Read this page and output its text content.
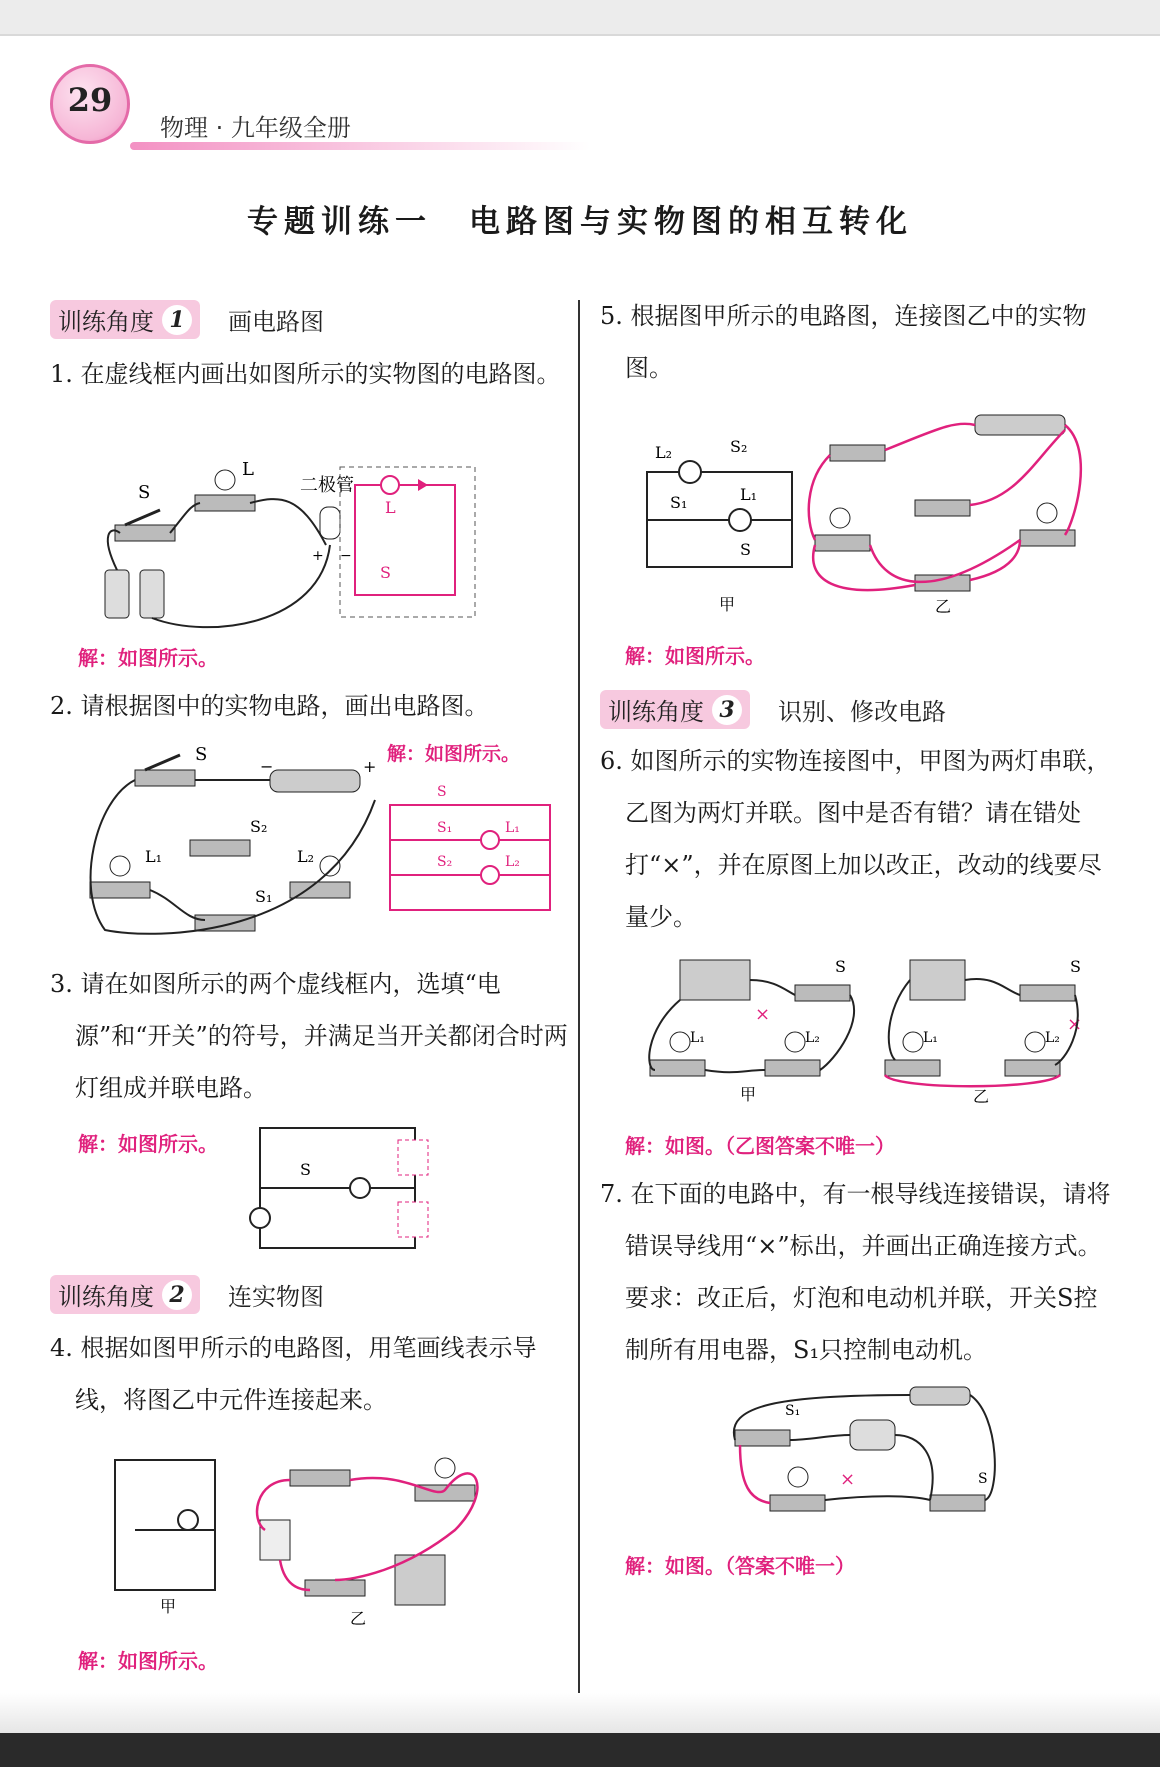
29
物理 · 九年级全册
专题训练一　电路图与实物图的相互转化
训练角度 1	画电路图
1. 在虚线框内画出如图所示的实物图的电路图。
S
L
二极管
+ −
L
S
解：如图所示。
2. 请根据图中的实物电路，画出电路图。
S
−	+
S₂
L₁	L₂
S₁
解：如图所示。
S
S₁
S₂
L₁
L₂
3. 请在如图所示的两个虚线框内，选填“电源”和“开关”的符号，并满足当开关都闭合时两灯组成并联电路。
解：如图所示。
S
训练角度 2	连实物图
4. 根据如图甲所示的电路图，用笔画线表示导线，将图乙中元件连接起来。
甲
乙
解：如图所示。
5. 根据图甲所示的电路图，连接图乙中的实物图。
L₂	S₂
S₁	L₁
S
甲	乙
解：如图所示。
训练角度 3	识别、修改电路
6. 如图所示的实物连接图中，甲图为两灯串联，乙图为两灯并联。图中是否有错？请在错处打“×”，并在原图上加以改正，改动的线要尽量少。
S
L₁	L₂
×
甲
S
L₁	L₂
×
乙
解：如图。（乙图答案不唯一）
7. 在下面的电路中，有一根导线连接错误，请将错误导线用“×”标出，并画出正确连接方式。要求：改正后，灯泡和电动机并联，开关S控制所有用电器，S₁只控制电动机。
S₁
S
×
解：如图。（答案不唯一）
